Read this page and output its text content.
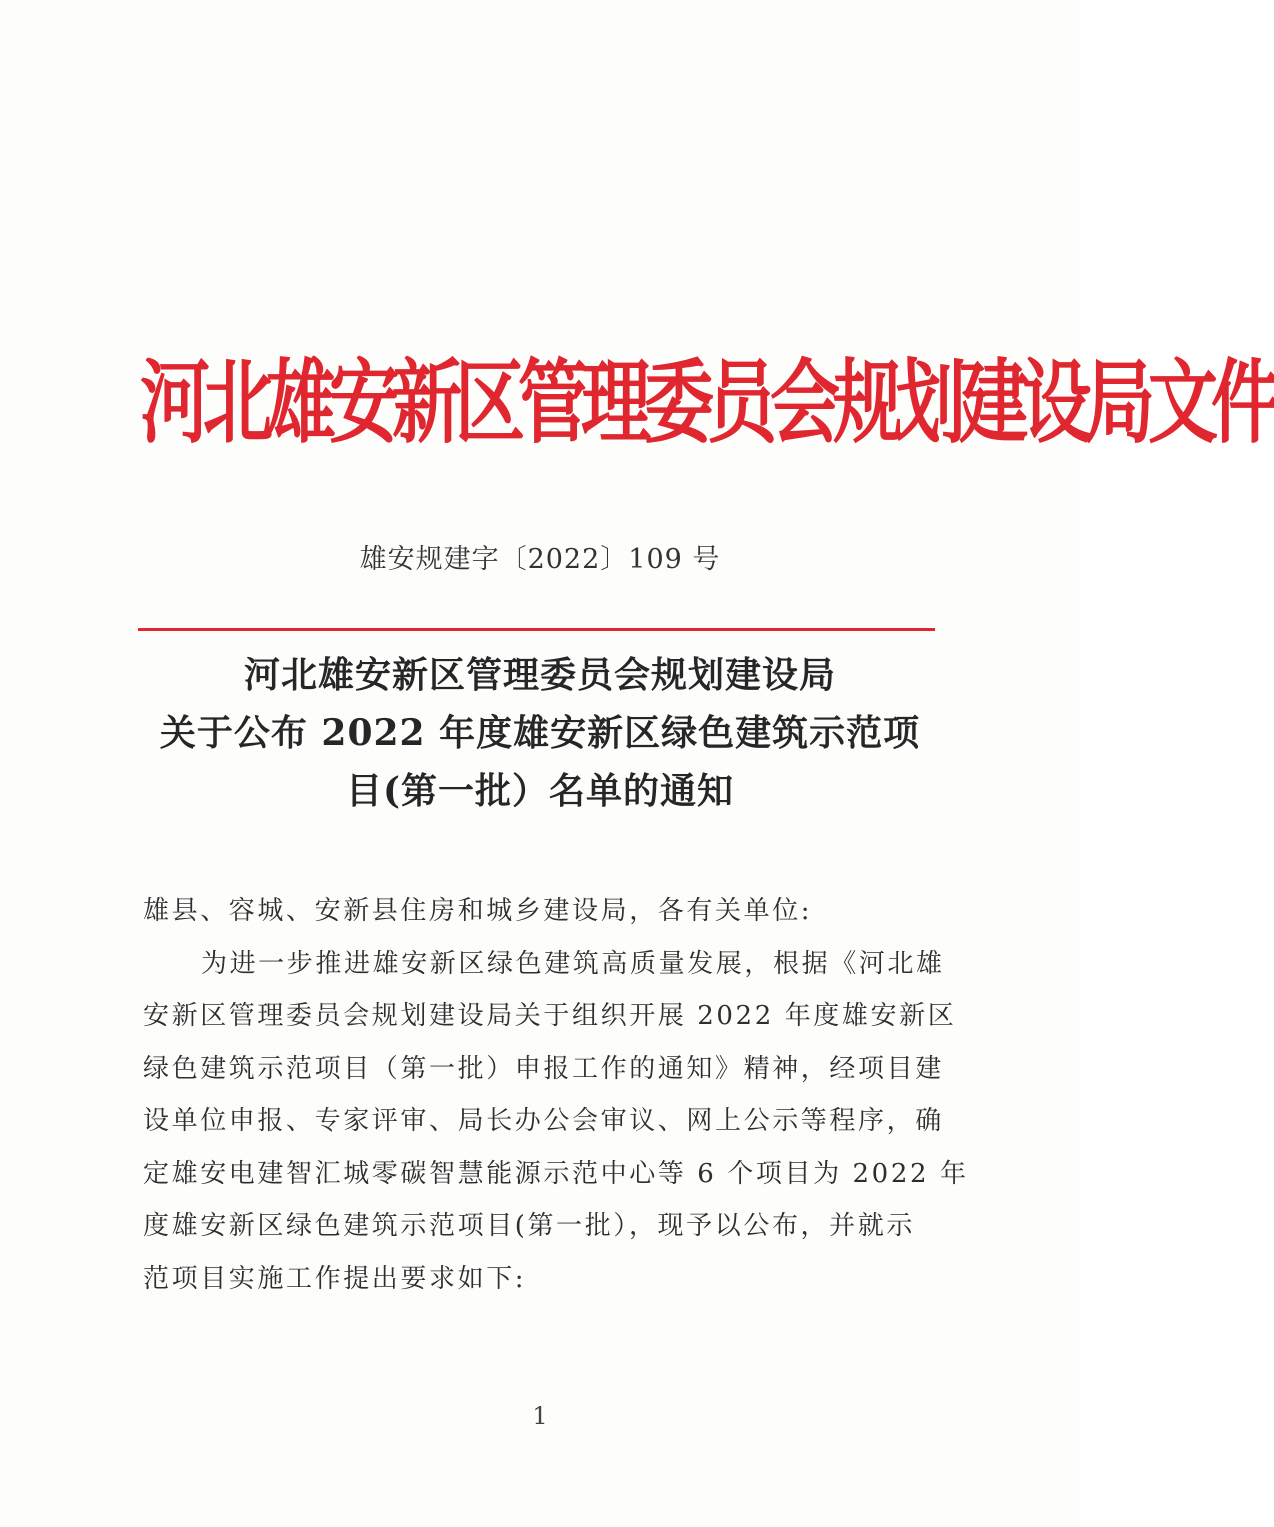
河北雄安新区管理委员会规划建设局文件
雄安规建字〔2022〕109 号
河北雄安新区管理委员会规划建设局
关于公布 2022 年度雄安新区绿色建筑示范项
目(第一批）名单的通知
雄县、容城、安新县住房和城乡建设局，各有关单位:
为进一步推进雄安新区绿色建筑高质量发展，根据《河北雄
安新区管理委员会规划建设局关于组织开展 2022 年度雄安新区
绿色建筑示范项目（第一批）申报工作的通知》精神，经项目建
设单位申报、专家评审、局长办公会审议、网上公示等程序，确
定雄安电建智汇城零碳智慧能源示范中心等 6 个项目为 2022 年
度雄安新区绿色建筑示范项目(第一批），现予以公布，并就示
范项目实施工作提出要求如下:
1
